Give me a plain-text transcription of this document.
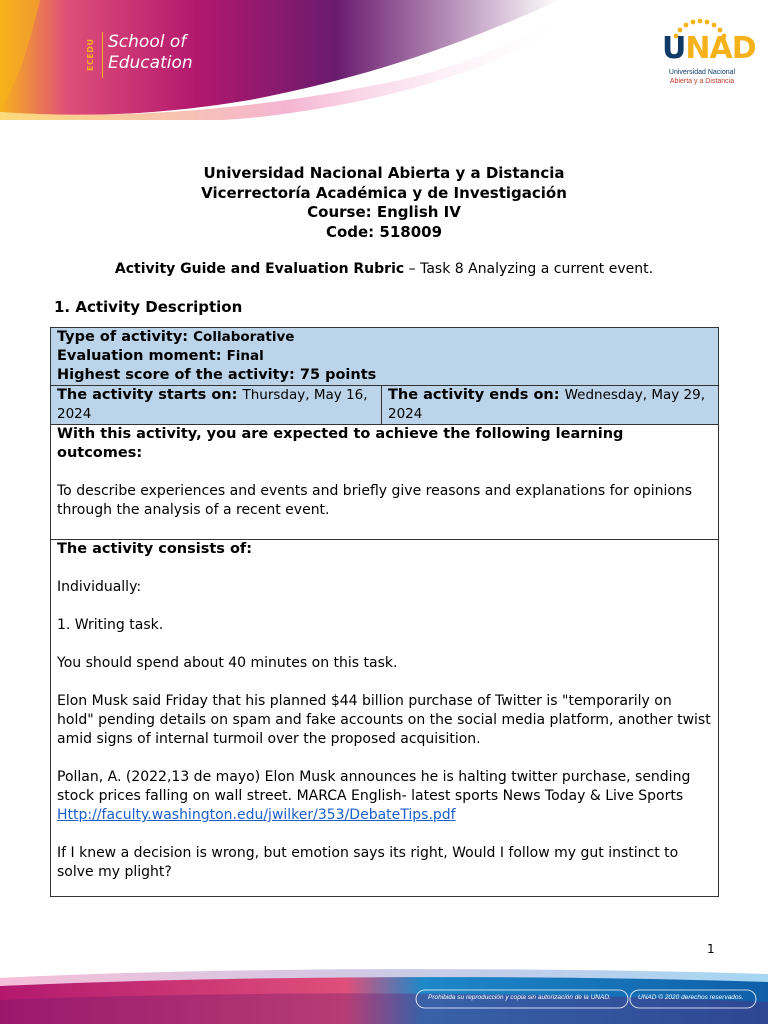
ECEDU School of
Education	UNAD
Universidad Nacional
Abierta y a Distancia
Universidad Nacional Abierta y a Distancia
Vicerrectoría Académica y de Investigación
Course: English IV
Code: 518009
Activity Guide and Evaluation Rubric – Task 8 Analyzing a current event.
1. Activity Description
Type of activity: Collaborative
Evaluation moment: Final
Highest score of the activity: 75 points

The activity starts on: Thursday, May 16, 2024	The activity ends on: Wednesday, May 29, 2024

With this activity, you are expected to achieve the following learning outcomes:

To describe experiences and events and briefly give reasons and explanations for opinions through the analysis of a recent event.

The activity consists of:

Individually:

1. Writing task.

You should spend about 40 minutes on this task.

Elon Musk said Friday that his planned $44 billion purchase of Twitter is "temporarily on hold" pending details on spam and fake accounts on the social media platform, another twist amid signs of internal turmoil over the proposed acquisition.

Pollan, A. (2022,13 de mayo) Elon Musk announces he is halting twitter purchase, sending stock prices falling on wall street. MARCA English- latest sports News Today & Live Sports Http://faculty.washington.edu/jwilker/353/DebateTips.pdf

If I knew a decision is wrong, but emotion says its right, Would I follow my gut instinct to solve my plight?

1
Prohibida su reproducción y copia sin autorización de la UNAD.	UNAD © 2020 derechos reservados.
